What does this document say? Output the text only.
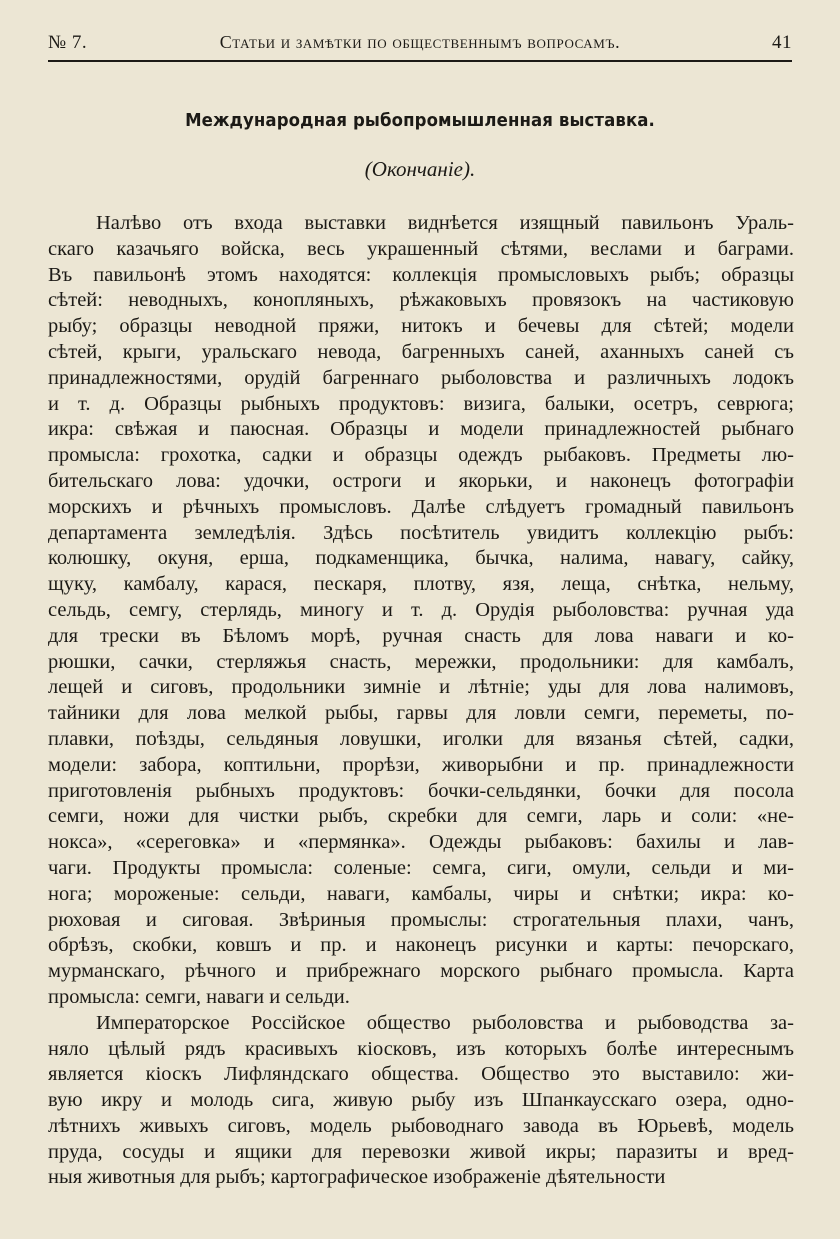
№ 7.	Статьи и замѣтки по общественнымъ вопросамъ.	41
Международная рыбопромышленная выставка.
(Окончаніе).
Налѣво отъ входа выставки виднѣется изящный павильонъ Ураль-
скаго казачьяго войска, весь украшенный сѣтями, веслами и баграми.
Въ павильонѣ этомъ находятся: коллекція промысловыхъ рыбъ; образцы
сѣтей: неводныхъ, конопляныхъ, рѣжаковыхъ провязокъ на частиковую
рыбу; образцы неводной пряжи, нитокъ и бечевы для сѣтей; модели
сѣтей, крыги, уральскаго невода, багренныхъ саней, аханныхъ саней съ
принадлежностями, орудій багреннаго рыболовства и различныхъ лодокъ
и т. д. Образцы рыбныхъ продуктовъ: визига, балыки, осетръ, севрюга;
икра: свѣжая и паюсная. Образцы и модели принадлежностей рыбнаго
промысла: грохотка, садки и образцы одеждъ рыбаковъ. Предметы лю-
бительскаго лова: удочки, остроги и якорьки, и наконецъ фотографіи
морскихъ и рѣчныхъ промысловъ. Далѣе слѣдуетъ громадный павильонъ
департамента земледѣлія. Здѣсь посѣтитель увидитъ коллекцію рыбъ:
колюшку, окуня, ерша, подкаменщика, бычка, налима, навагу, сайку,
щуку, камбалу, карася, пескаря, плотву, язя, леща, снѣтка, нельму,
сельдь, семгу, стерлядь, миногу и т. д. Орудія рыболовства: ручная уда
для трески въ Бѣломъ морѣ, ручная снасть для лова наваги и ко-
рюшки, сачки, стерляжья снасть, мережки, продольники: для камбалъ,
лещей и сиговъ, продольники зимніе и лѣтніе; уды для лова налимовъ,
тайники для лова мелкой рыбы, гарвы для ловли семги, переметы, по-
плавки, поѣзды, сельдяныя ловушки, иголки для вязанья сѣтей, садки,
модели: забора, коптильни, прорѣзи, живорыбни и пр. принадлежности
приготовленія рыбныхъ продуктовъ: бочки-сельдянки, бочки для посола
семги, ножи для чистки рыбъ, скребки для семги, ларь и соли: «не-
нокса», «сереговка» и «пермянка». Одежды рыбаковъ: бахилы и лав-
чаги. Продукты промысла: соленые: семга, сиги, омули, сельди и ми-
нога; мороженые: сельди, наваги, камбалы, чиры и снѣтки; икра: ко-
рюховая и сиговая. Звѣриныя промыслы: строгательныя плахи, чанъ,
обрѣзъ, скобки, ковшъ и пр. и наконецъ рисунки и карты: печорскаго,
мурманскаго, рѣчного и прибрежнаго морского рыбнаго промысла. Карта
промысла: семги, наваги и сельди.
Императорское Россійское общество рыболовства и рыбоводства за-
няло цѣлый рядъ красивыхъ кіосковъ, изъ которыхъ болѣе интереснымъ
является кіоскъ Лифляндскаго общества. Общество это выставило: жи-
вую икру и молодь сига, живую рыбу изъ Шпанкаусскаго озера, одно-
лѣтнихъ живыхъ сиговъ, модель рыбоводнаго завода въ Юрьевѣ, модель
пруда, сосуды и ящики для перевозки живой икры; паразиты и вред-
ныя животныя для рыбъ; картографическое изображеніе дѣятельности
